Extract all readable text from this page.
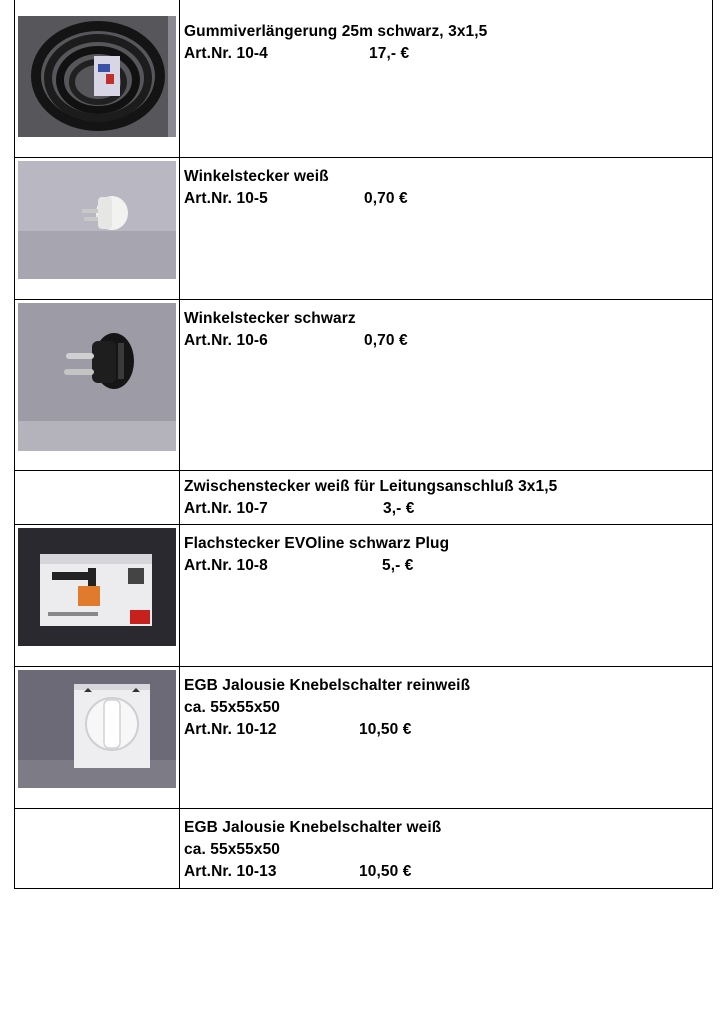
Gummiverlängerung 25m schwarz, 3x1,5
Art.Nr. 10-4	17,- €
Winkelstecker weiß
Art.Nr. 10-5	0,70 €
Winkelstecker schwarz
Art.Nr. 10-6	0,70 €
Zwischenstecker weiß für Leitungsanschluß 3x1,5
Art.Nr. 10-7	3,- €
Flachstecker EVOline schwarz Plug
Art.Nr. 10-8	5,- €
EGB Jalousie Knebelschalter reinweiß
ca. 55x55x50
Art.Nr. 10-12	10,50 €
EGB Jalousie Knebelschalter weiß
ca. 55x55x50
Art.Nr. 10-13	10,50 €
